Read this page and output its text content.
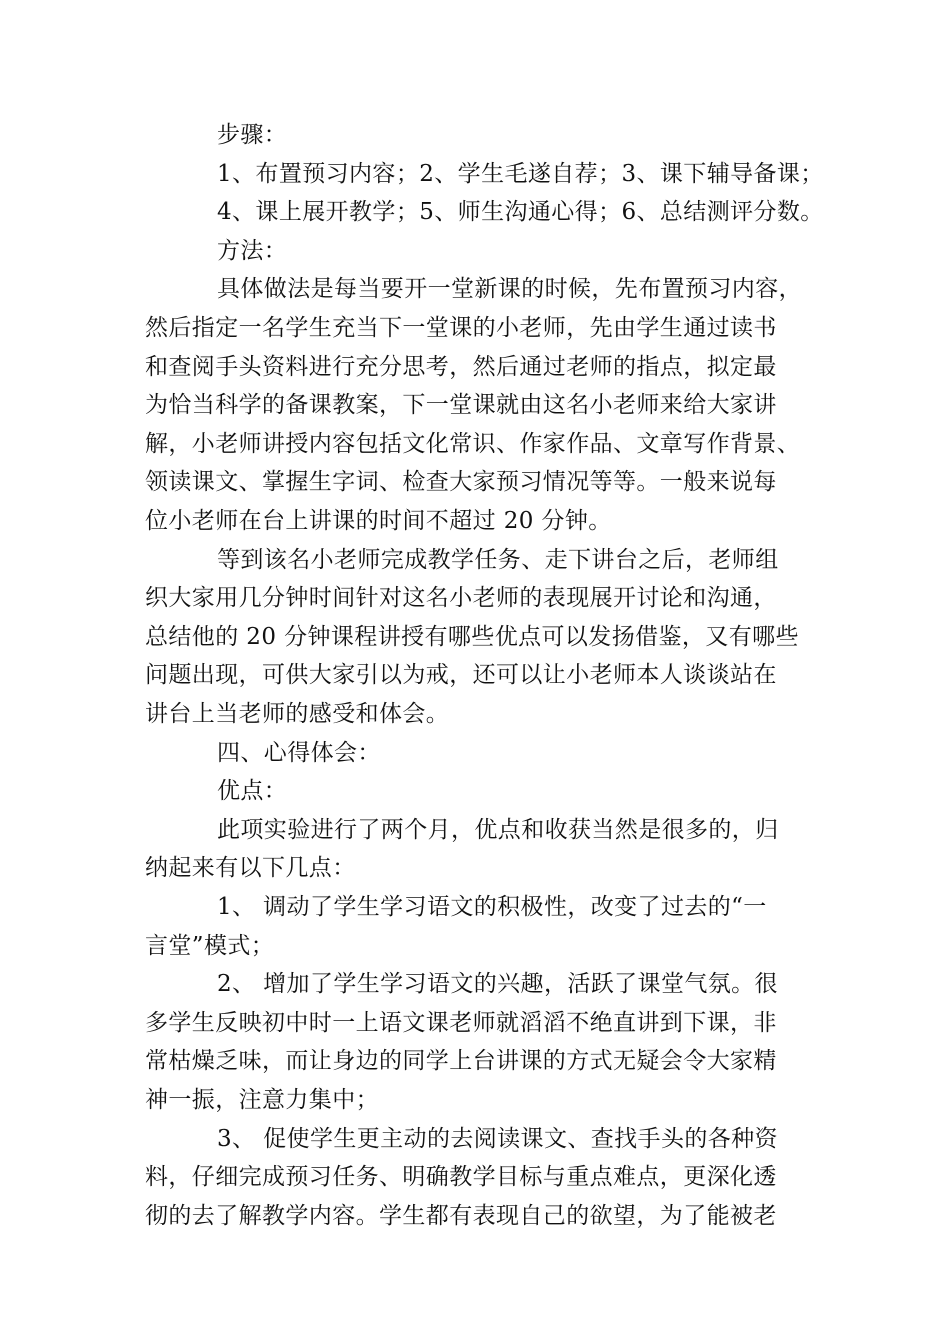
步骤：

1、布置预习内容；2、学生毛遂自荐；3、课下辅导备课；

4、课上展开教学；5、师生沟通心得；6、总结测评分数。

方法：

具体做法是每当要开一堂新课的时候，先布置预习内容，

然后指定一名学生充当下一堂课的小老师，先由学生通过读书

和查阅手头资料进行充分思考，然后通过老师的指点，拟定最

为恰当科学的备课教案，下一堂课就由这名小老师来给大家讲

解，小老师讲授内容包括文化常识、作家作品、文章写作背景、

领读课文、掌握生字词、检查大家预习情况等等。一般来说每

位小老师在台上讲课的时间不超过 20 分钟。

等到该名小老师完成教学任务、走下讲台之后，老师组

织大家用几分钟时间针对这名小老师的表现展开讨论和沟通，

总结他的 20 分钟课程讲授有哪些优点可以发扬借鉴，又有哪些

问题出现，可供大家引以为戒，还可以让小老师本人谈谈站在

讲台上当老师的感受和体会。

四、心得体会：

优点：

此项实验进行了两个月，优点和收获当然是很多的，归

纳起来有以下几点：

1、 调动了学生学习语文的积极性，改变了过去的“一

言堂”模式；

2、 增加了学生学习语文的兴趣，活跃了课堂气氛。很

多学生反映初中时一上语文课老师就滔滔不绝直讲到下课，非

常枯燥乏味，而让身边的同学上台讲课的方式无疑会令大家精

神一振，注意力集中；

3、 促使学生更主动的去阅读课文、查找手头的各种资

料，仔细完成预习任务、明确教学目标与重点难点，更深化透

彻的去了解教学内容。学生都有表现自己的欲望，为了能被老
